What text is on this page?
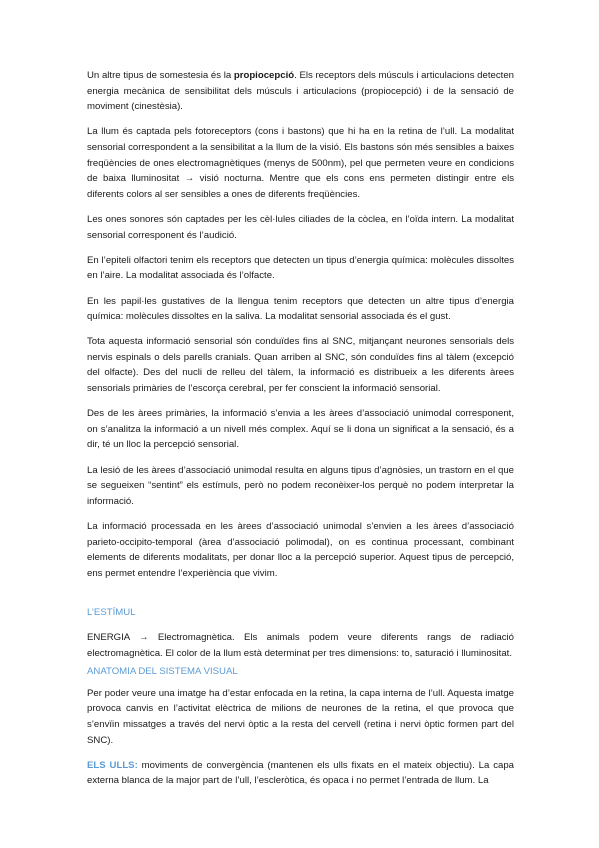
Un altre tipus de somestesia és la propiocepció. Els receptors dels músculs i articulacions detecten energia mecànica de sensibilitat dels músculs i articulacions (propiocepció) i de la sensació de moviment (cinestèsia).

La llum és captada pels fotoreceptors (cons i bastons) que hi ha en la retina de l’ull. La modalitat sensorial correspondent a la sensibilitat a la llum de la visió. Els bastons són més sensibles a baixes freqüències de ones electromagnètiques (menys de 500nm), pel que permeten veure en condicions de baixa lluminositat → visió nocturna. Mentre que els cons ens permeten distingir entre els diferents colors al ser sensibles a ones de diferents freqüències.

Les ones sonores són captades per les cèl·lules ciliades de la còclea, en l’oïda intern. La modalitat sensorial corresponent és l’audició.

En l’epiteli olfactori tenim els receptors que detecten un tipus d’energia química: molècules dissoltes en l’aire. La modalitat associada és l’olfacte.

En les papil·les gustatives de la llengua tenim receptors que detecten un altre tipus d’energia química: molècules dissoltes en la saliva. La modalitat sensorial associada és el gust.

Tota aquesta informació sensorial són conduïdes fins al SNC, mitjançant neurones sensorials dels nervis espinals o dels parells cranials. Quan arriben al SNC, són conduïdes fins al tàlem (excepció del olfacte). Des del nucli de relleu del tàlem, la informació es distribueix a les diferents àrees sensorials primàries de l’escorça cerebral, per fer conscient la informació sensorial.

Des de les àrees primàries, la informació s’envia a les àrees d’associació unimodal corresponent, on s’analitza la informació a un nivell més complex. Aquí se li dona un significat a la sensació, és a dir, té un lloc la percepció sensorial.

La lesió de les àrees d’associació unimodal resulta en alguns tipus d’agnòsies, un trastorn en el que se segueixen “sentint” els estímuls, però no podem reconèixer-los perquè no podem interpretar la informació.

La informació processada en les àrees d’associació unimodal s’envien a les àrees d’associació parieto-occipito-temporal (àrea d’associació polimodal), on es continua processant, combinant elements de diferents modalitats, per donar lloc a la percepció superior. Aquest tipus de percepció, ens permet entendre l’experiència que vivim.

L’ESTÍMUL

ENERGIA → Electromagnètica. Els animals podem veure diferents rangs de radiació electromagnètica. El color de la llum està determinat per tres dimensions: to, saturació i lluminositat.

ANATOMIA DEL SISTEMA VISUAL

Per poder veure una imatge ha d’estar enfocada en la retina, la capa interna de l’ull. Aquesta imatge provoca canvis en l’activitat elèctrica de milions de neurones de la retina, el que provoca que s’envïin missatges a través del nervi òptic a la resta del cervell (retina i nervi òptic formen part del SNC).

ELS ULLS: moviments de convergència (mantenen els ulls fixats en el mateix objectiu). La capa externa blanca de la major part de l’ull, l’escleròtica, és opaca i no permet l’entrada de llum. La
